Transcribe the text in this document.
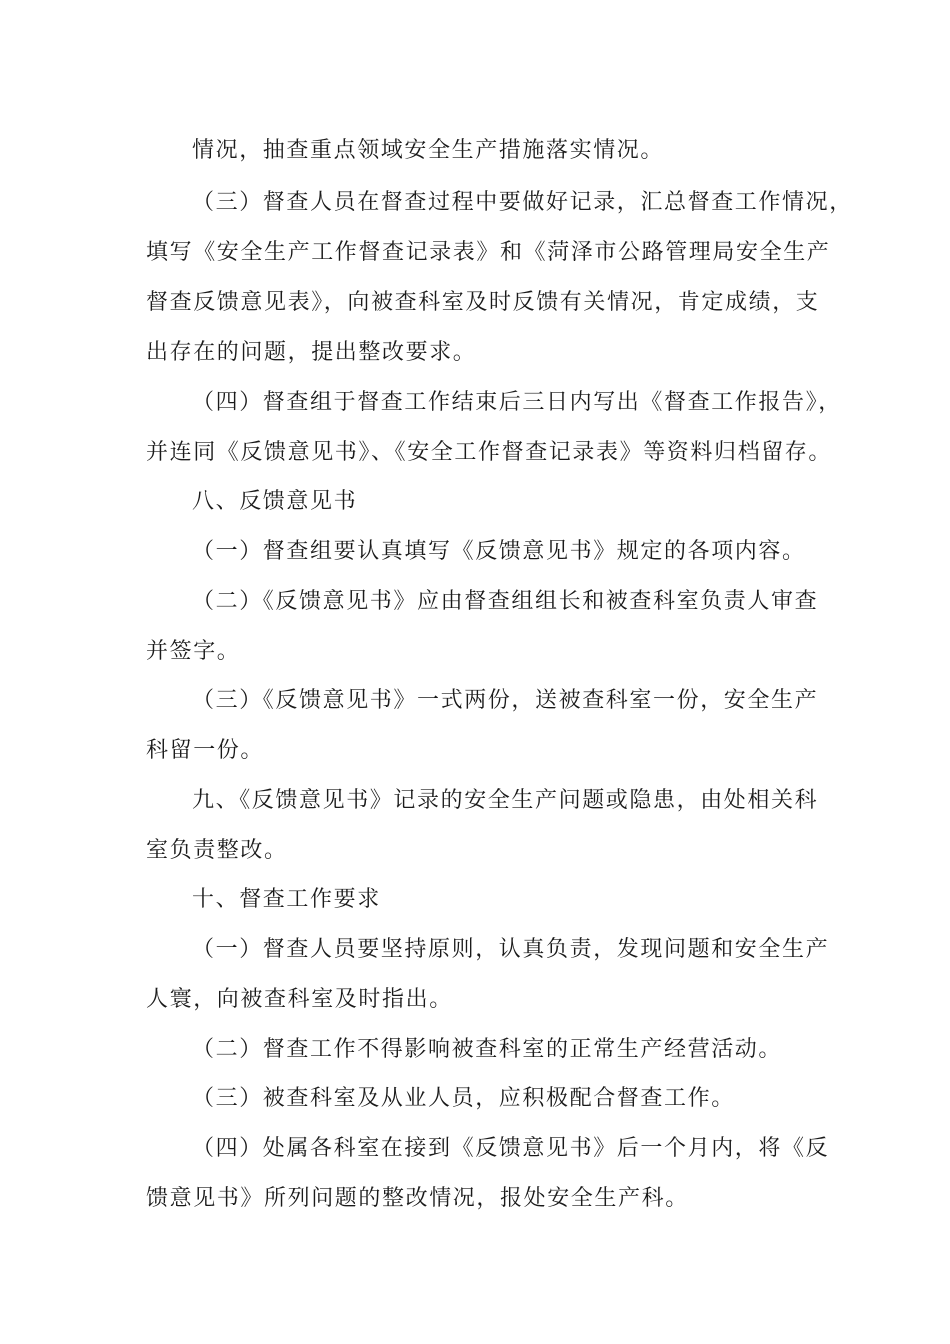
情况，抽查重点领域安全生产措施落实情况。
（三）督查人员在督查过程中要做好记录，汇总督查工作情况，
填写《安全生产工作督查记录表》和《菏泽市公路管理局安全生产
督查反馈意见表》，向被查科室及时反馈有关情况，肯定成绩，支
出存在的问题，提出整改要求。
（四）督查组于督查工作结束后三日内写出《督查工作报告》，
并连同《反馈意见书》、《安全工作督查记录表》等资料归档留存。
八、反馈意见书
（一）督查组要认真填写《反馈意见书》规定的各项内容。
（二）《反馈意见书》应由督查组组长和被查科室负责人审查
并签字。
（三）《反馈意见书》一式两份，送被查科室一份，安全生产
科留一份。
九、《反馈意见书》记录的安全生产问题或隐患，由处相关科
室负责整改。
十、督查工作要求
（一）督查人员要坚持原则，认真负责，发现问题和安全生产
人寰，向被查科室及时指出。
（二）督查工作不得影响被查科室的正常生产经营活动。
（三）被查科室及从业人员，应积极配合督查工作。
（四）处属各科室在接到《反馈意见书》后一个月内，将《反
馈意见书》所列问题的整改情况，报处安全生产科。
